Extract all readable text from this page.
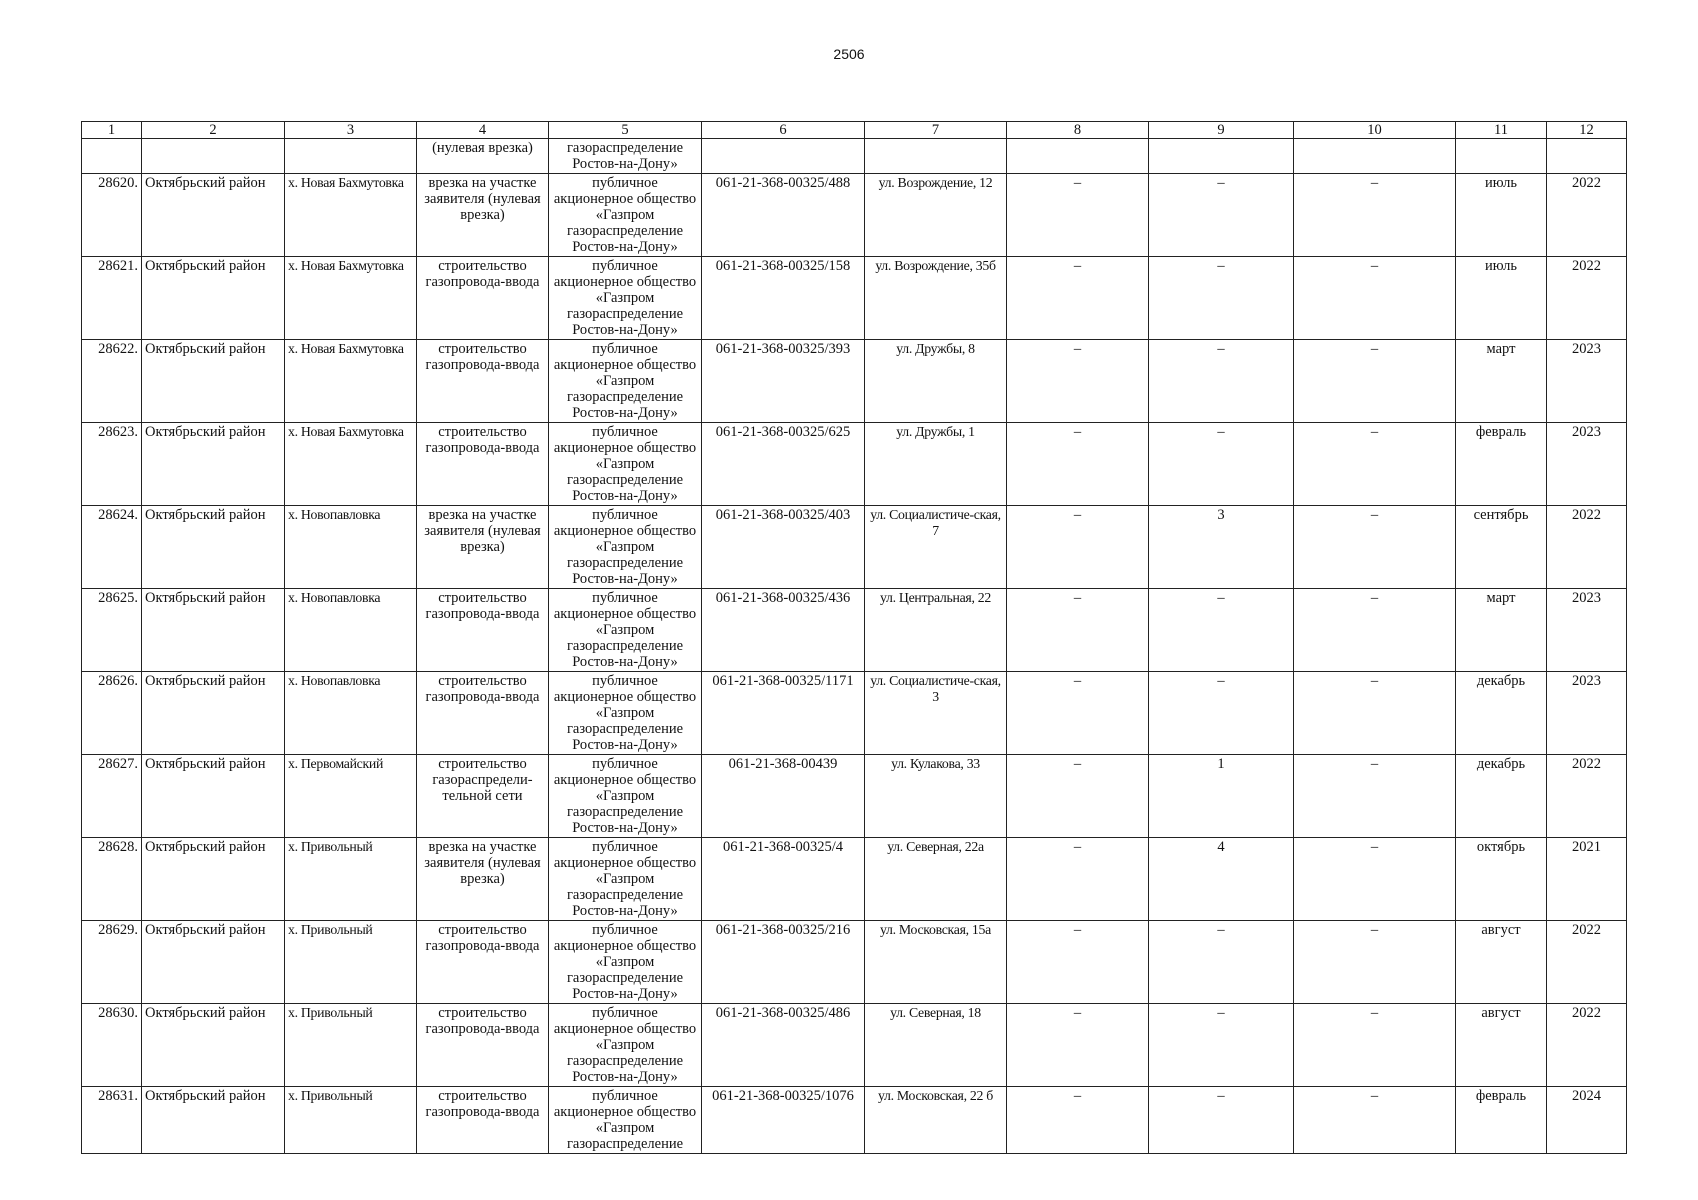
2506
1	2	3	4	5	6	7	8	9	10	11	12
			(нулевая врезка)	газораспределение Ростов-на-Дону»							
28620.	Октябрьский район	х. Новая Бахмутовка	врезка на участке заявителя (нулевая врезка)	публичное акционерное общество «Газпром газораспределение Ростов-на-Дону»	061-21-368-00325/488	ул. Возрождение, 12	–	–	–	июль	2022
28621.	Октябрьский район	х. Новая Бахмутовка	строительство газопровода-ввода	публичное акционерное общество «Газпром газораспределение Ростов-на-Дону»	061-21-368-00325/158	ул. Возрождение, 35б	–	–	–	июль	2022
28622.	Октябрьский район	х. Новая Бахмутовка	строительство газопровода-ввода	публичное акционерное общество «Газпром газораспределение Ростов-на-Дону»	061-21-368-00325/393	ул. Дружбы, 8	–	–	–	март	2023
28623.	Октябрьский район	х. Новая Бахмутовка	строительство газопровода-ввода	публичное акционерное общество «Газпром газораспределение Ростов-на-Дону»	061-21-368-00325/625	ул. Дружбы, 1	–	–	–	февраль	2023
28624.	Октябрьский район	х. Новопавловка	врезка на участке заявителя (нулевая врезка)	публичное акционерное общество «Газпром газораспределение Ростов-на-Дону»	061-21-368-00325/403	ул. Социалистиче-ская, 7	–	3	–	сентябрь	2022
28625.	Октябрьский район	х. Новопавловка	строительство газопровода-ввода	публичное акционерное общество «Газпром газораспределение Ростов-на-Дону»	061-21-368-00325/436	ул. Центральная, 22	–	–	–	март	2023
28626.	Октябрьский район	х. Новопавловка	строительство газопровода-ввода	публичное акционерное общество «Газпром газораспределение Ростов-на-Дону»	061-21-368-00325/1171	ул. Социалистиче-ская, 3	–	–	–	декабрь	2023
28627.	Октябрьский район	х. Первомайский	строительство газораспредели-тельной сети	публичное акционерное общество «Газпром газораспределение Ростов-на-Дону»	061-21-368-00439	ул. Кулакова, 33	–	1	–	декабрь	2022
28628.	Октябрьский район	х. Привольный	врезка на участке заявителя (нулевая врезка)	публичное акционерное общество «Газпром газораспределение Ростов-на-Дону»	061-21-368-00325/4	ул. Северная, 22а	–	4	–	октябрь	2021
28629.	Октябрьский район	х. Привольный	строительство газопровода-ввода	публичное акционерное общество «Газпром газораспределение Ростов-на-Дону»	061-21-368-00325/216	ул. Московская, 15а	–	–	–	август	2022
28630.	Октябрьский район	х. Привольный	строительство газопровода-ввода	публичное акционерное общество «Газпром газораспределение Ростов-на-Дону»	061-21-368-00325/486	ул. Северная, 18	–	–	–	август	2022
28631.	Октябрьский район	х. Привольный	строительство газопровода-ввода	публичное акционерное общество «Газпром газораспределение	061-21-368-00325/1076	ул. Московская, 22 б	–	–	–	февраль	2024
